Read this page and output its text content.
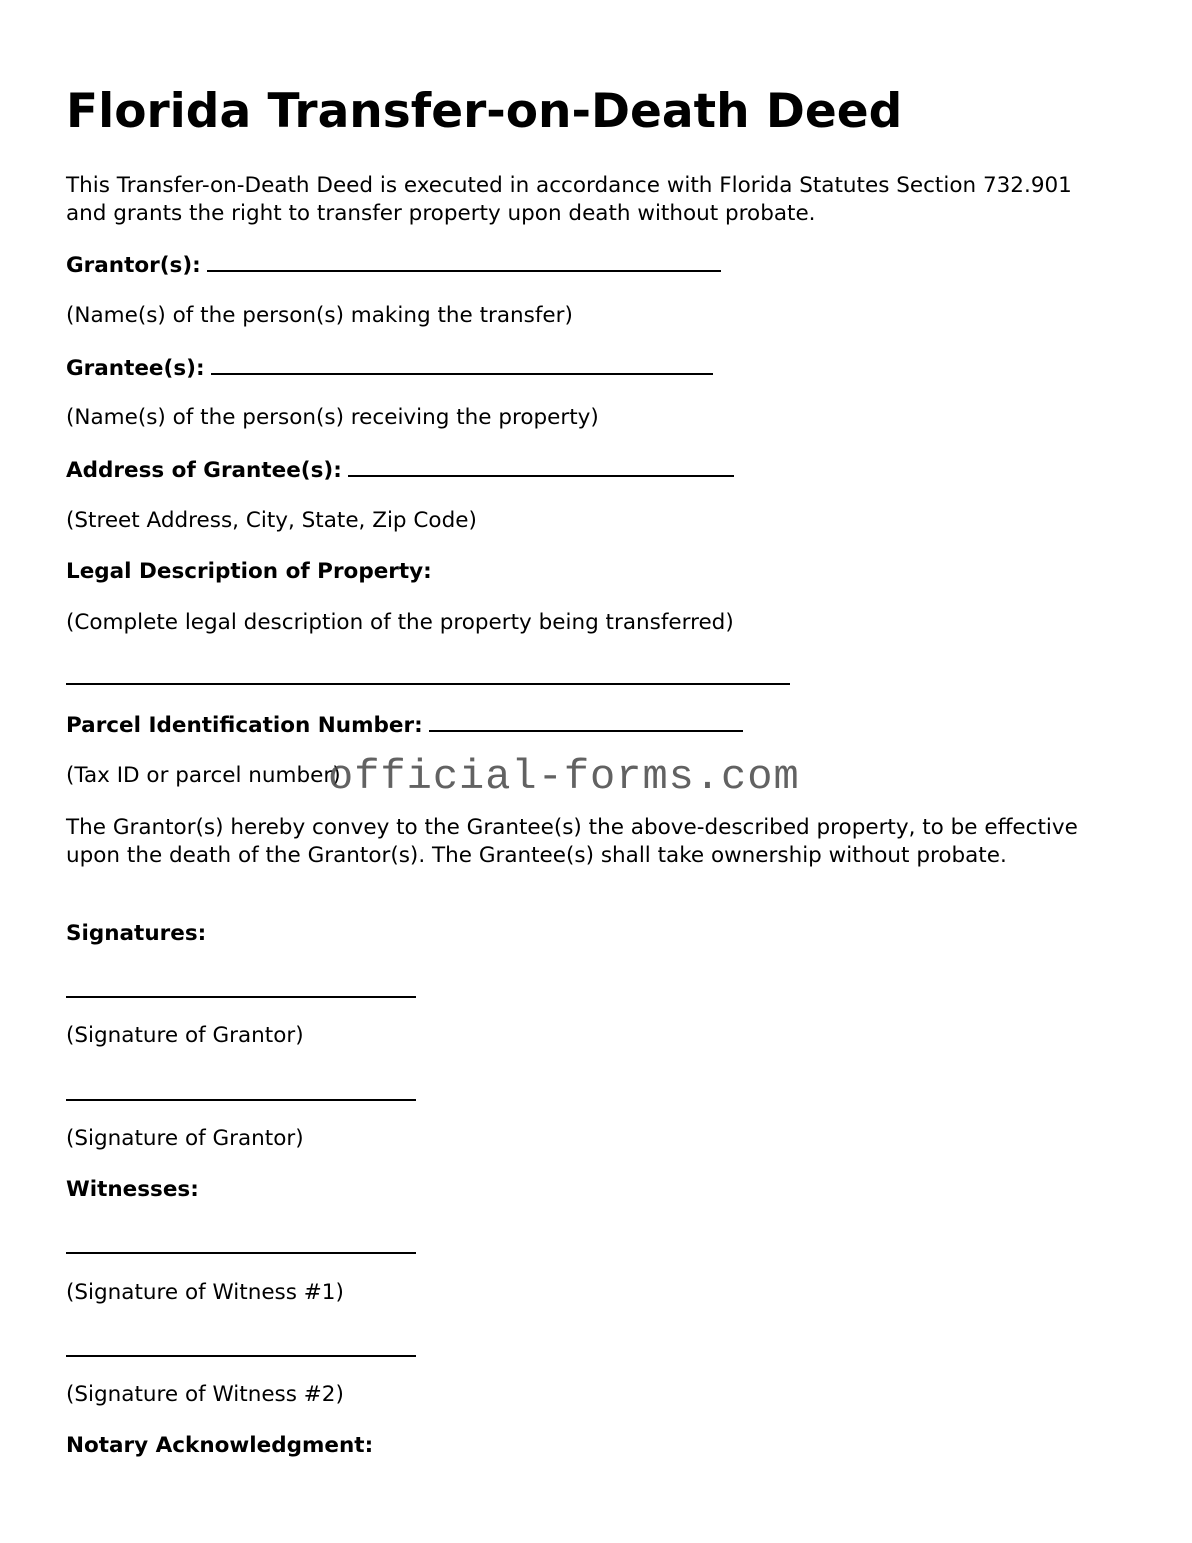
Florida Transfer-on-Death Deed

This Transfer-on-Death Deed is executed in accordance with Florida Statutes Section 732.901 and grants the right to transfer property upon death without probate.

Grantor(s):

(Name(s) of the person(s) making the transfer)

Grantee(s):

(Name(s) of the person(s) receiving the property)

Address of Grantee(s):

(Street Address, City, State, Zip Code)

Legal Description of Property:

(Complete legal description of the property being transferred)

Parcel Identification Number:

(Tax ID or parcel number)

The Grantor(s) hereby convey to the Grantee(s) the above-described property, to be effective upon the death of the Grantor(s). The Grantee(s) shall take ownership without probate.

Signatures:

(Signature of Grantor)

(Signature of Grantor)

Witnesses:

(Signature of Witness #1)

(Signature of Witness #2)

Notary Acknowledgment:

official-forms.com
